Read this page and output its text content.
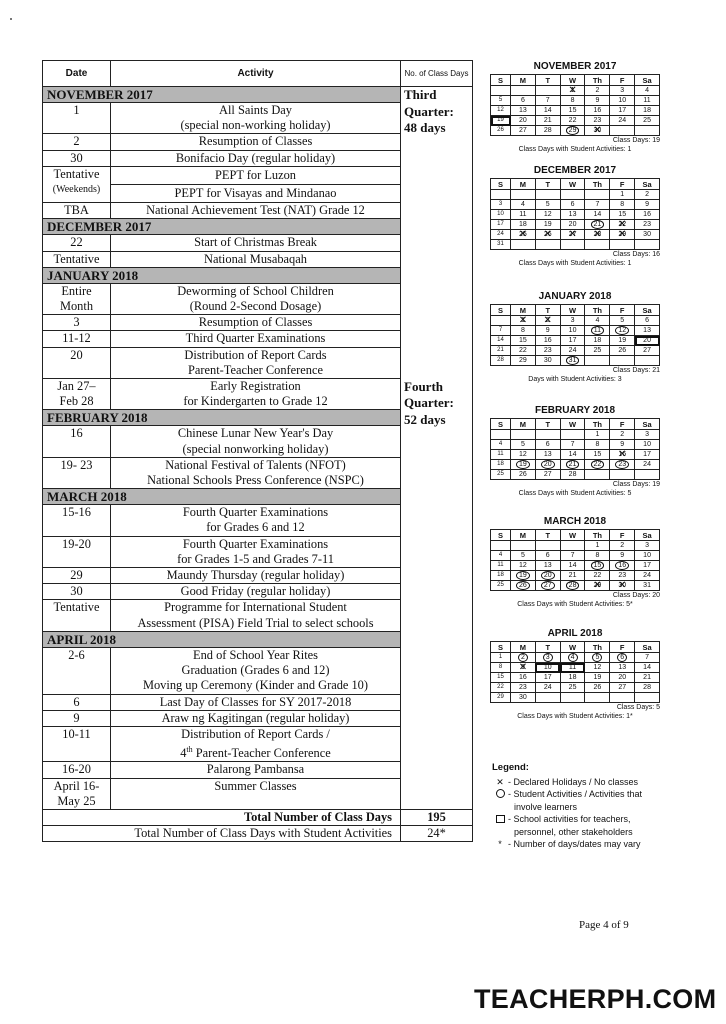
Date	Activity	No. of Class Days
NOVEMBER 2017		Third
Quarter:
48 days

1	All Saints Day
(special non-working holiday)	

2	Resumption of Classes	

30	Bonifacio Day (regular holiday)	

Tentative
(Weekends)	PEPT for Luzon
PEPT for Visayas and Mindanao	

TBA	National Achievement Test (NAT) Grade 12	

DECEMBER 2017		

22	Start of Christmas Break	

Tentative	National Musabaqah	

JANUARY 2018		

Entire
Month	Deworming of School Children
(Round 2-Second Dosage)	

3	Resumption of Classes	

11-12	Third Quarter Examinations	

20	Distribution of Report Cards
Parent-Teacher Conference	

Jan 27–
Feb 28	Early Registration
for Kindergarten to Grade 12	Fourth
Quarter:
52 days

FEBRUARY 2018		

16	Chinese Lunar New Year's Day
(special nonworking holiday)	

19- 23	National Festival of Talents (NFOT)
National Schools Press Conference (NSPC)	

MARCH 2018		

15-16	Fourth Quarter Examinations
for Grades 6 and 12	

19-20	Fourth Quarter Examinations
for Grades 1-5 and Grades 7-11	

29	Maundy Thursday (regular holiday)	

30	Good Friday (regular holiday)	

Tentative	Programme for International Student
Assessment (PISA) Field Trial to select schools	

APRIL 2018		

2-6	End of School Year Rites
Graduation (Grades 6 and 12)
Moving up Ceremony (Kinder and Grade 10)	

6	Last Day of Classes for SY 2017-2018	

9	Araw ng Kagitingan (regular holiday)	

10-11	Distribution of Report Cards /
4th Parent-Teacher Conference	

16-20	Palarong Pambansa	

April 16-
May 25	Summer Classes	

Total Number of Class Days		195
Total Number of Class Days with Student Activities		24*
NOVEMBER 2017
S	M	T	W	Th	F	Sa
			1 ✕	2	3	4
5	6	7	8	9	10	11
12	13	14	15	16	17	18
19	20	21	22	23	24	25
26	27	28	29	30 ✕		
Class Days: 19
Class Days with Student Activities: 1
DECEMBER 2017
S	M	T	W	Th	F	Sa
					1	2
3	4	5	6	7	8	9
10	11	12	13	14	15	16
17	18	19	20	21	22 ✕	23
24	25 ✕	26 ✕	27 ✕	28 ✕	29 ✕	30
31						
Class Days: 16
Class Days with Student Activities: 1
JANUARY 2018
S	M	T	W	Th	F	Sa
	1 ✕	2 ✕	3	4	5	6
7	8	9	10	11	12	13
14	15	16	17	18	19	20
21	22	23	24	25	26	27
28	29	30	31			
Class Days: 21
Days with Student Activities: 3
FEBRUARY 2018
S	M	T	W	Th	F	Sa
				1	2	3
4	5	6	7	8	9	10
11	12	13	14	15	16 ✕	17
18	19	20	21	22	23	24
25	26	27	28			
Class Days: 19
Class Days with Student Activities: 5
MARCH 2018
S	M	T	W	Th	F	Sa
				1	2	3
4	5	6	7	8	9	10
11	12	13	14	15	16	17
18	19	20	21	22	23	24
25	26	27	28	29 ✕	30 ✕	31
Class Days: 20
Class Days with Student Activities: 5*
APRIL 2018
S	M	T	W	Th	F	Sa
1	2	3	4	5	6	7
8	9 ✕	10	11	12	13	14
15	16	17	18	19	20	21
22	23	24	25	26	27	28
29	30					
Class Days: 5
Class Days with Student Activities: 1*
Legend:
✕ - Declared Holidays / No classes
- Student Activities / Activities that
involve learners
- School activities for teachers,
personnel, other stakeholders
* - Number of days/dates may vary
Page 4 of 9
TEACHERPH.COM
